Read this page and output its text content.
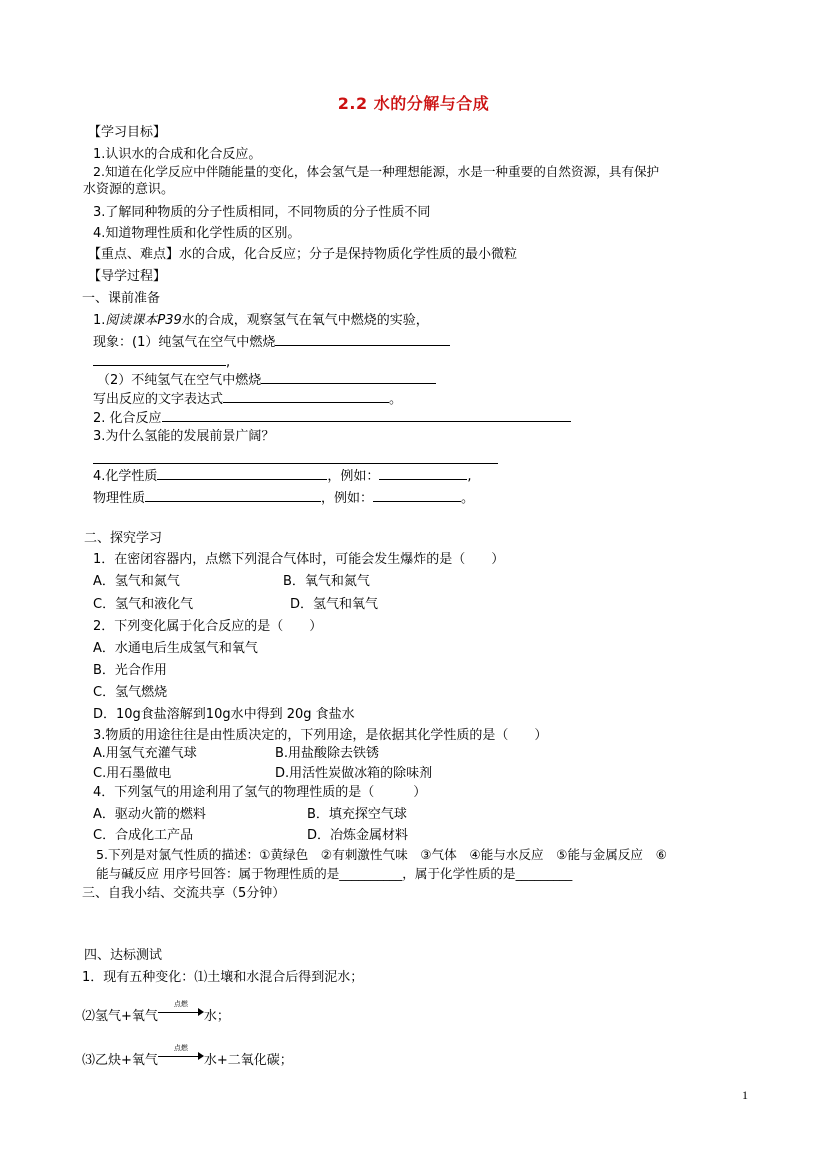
2.2 水的分解与合成
【学习目标】
1.认识水的合成和化合反应。
2.知道在化学反应中伴随能量的变化，体会氢气是一种理想能源，水是一种重要的自然资源，具有保护
水资源的意识。
3.了解同种物质的分子性质相同，不同物质的分子性质不同
4.知道物理性质和化学性质的区别。
【重点、难点】水的合成，化合反应；分子是保持物质化学性质的最小微粒
【导学过程】
一、课前准备
1.阅读课本P39水的合成，观察氢气在氧气中燃烧的实验，
现象：(1）纯氢气在空气中燃烧
,
（2）不纯氢气在空气中燃烧
写出反应的文字表达式	。
2. 化合反应
3.为什么氢能的发展前景广阔？
4.化学性质	，例如：	,
物理性质	，例如：	。
二、探究学习
1．在密闭容器内，点燃下列混合气体时，可能会发生爆炸的是（　　）
A．氢气和氮气	B．氧气和氮气
C．氢气和液化气	D．氢气和氧气
2．下列变化属于化合反应的是（　　）
A．水通电后生成氢气和氧气
B．光合作用
C．氢气燃烧
D．10g食盐溶解到10g水中得到 20g 食盐水
3.物质的用途往往是由性质决定的，下列用途，是依据其化学性质的是（　　）
A.用氢气充灌气球	B.用盐酸除去铁锈
C.用石墨做电	D.用活性炭做冰箱的除味剂
4．下列氢气的用途利用了氢气的物理性质的是（　　　）
A．驱动火箭的燃料	B．填充探空气球
C．合成化工产品	D．冶炼金属材料
5.下列是对氯气性质的描述：①黄绿色　②有刺激性气味　③气体　④能与水反应　⑤能与金属反应　⑥
能与碱反应 用序号回答：属于物理性质的是__________，属于化学性质的是_________
三、自我小结、交流共享（5分钟）
四、达标测试
1．现有五种变化：⑴土壤和水混合后得到泥水；
⑵氢气+氧气
点燃
水；
⑶乙炔+氧气
点燃
水+二氧化碳；
1
